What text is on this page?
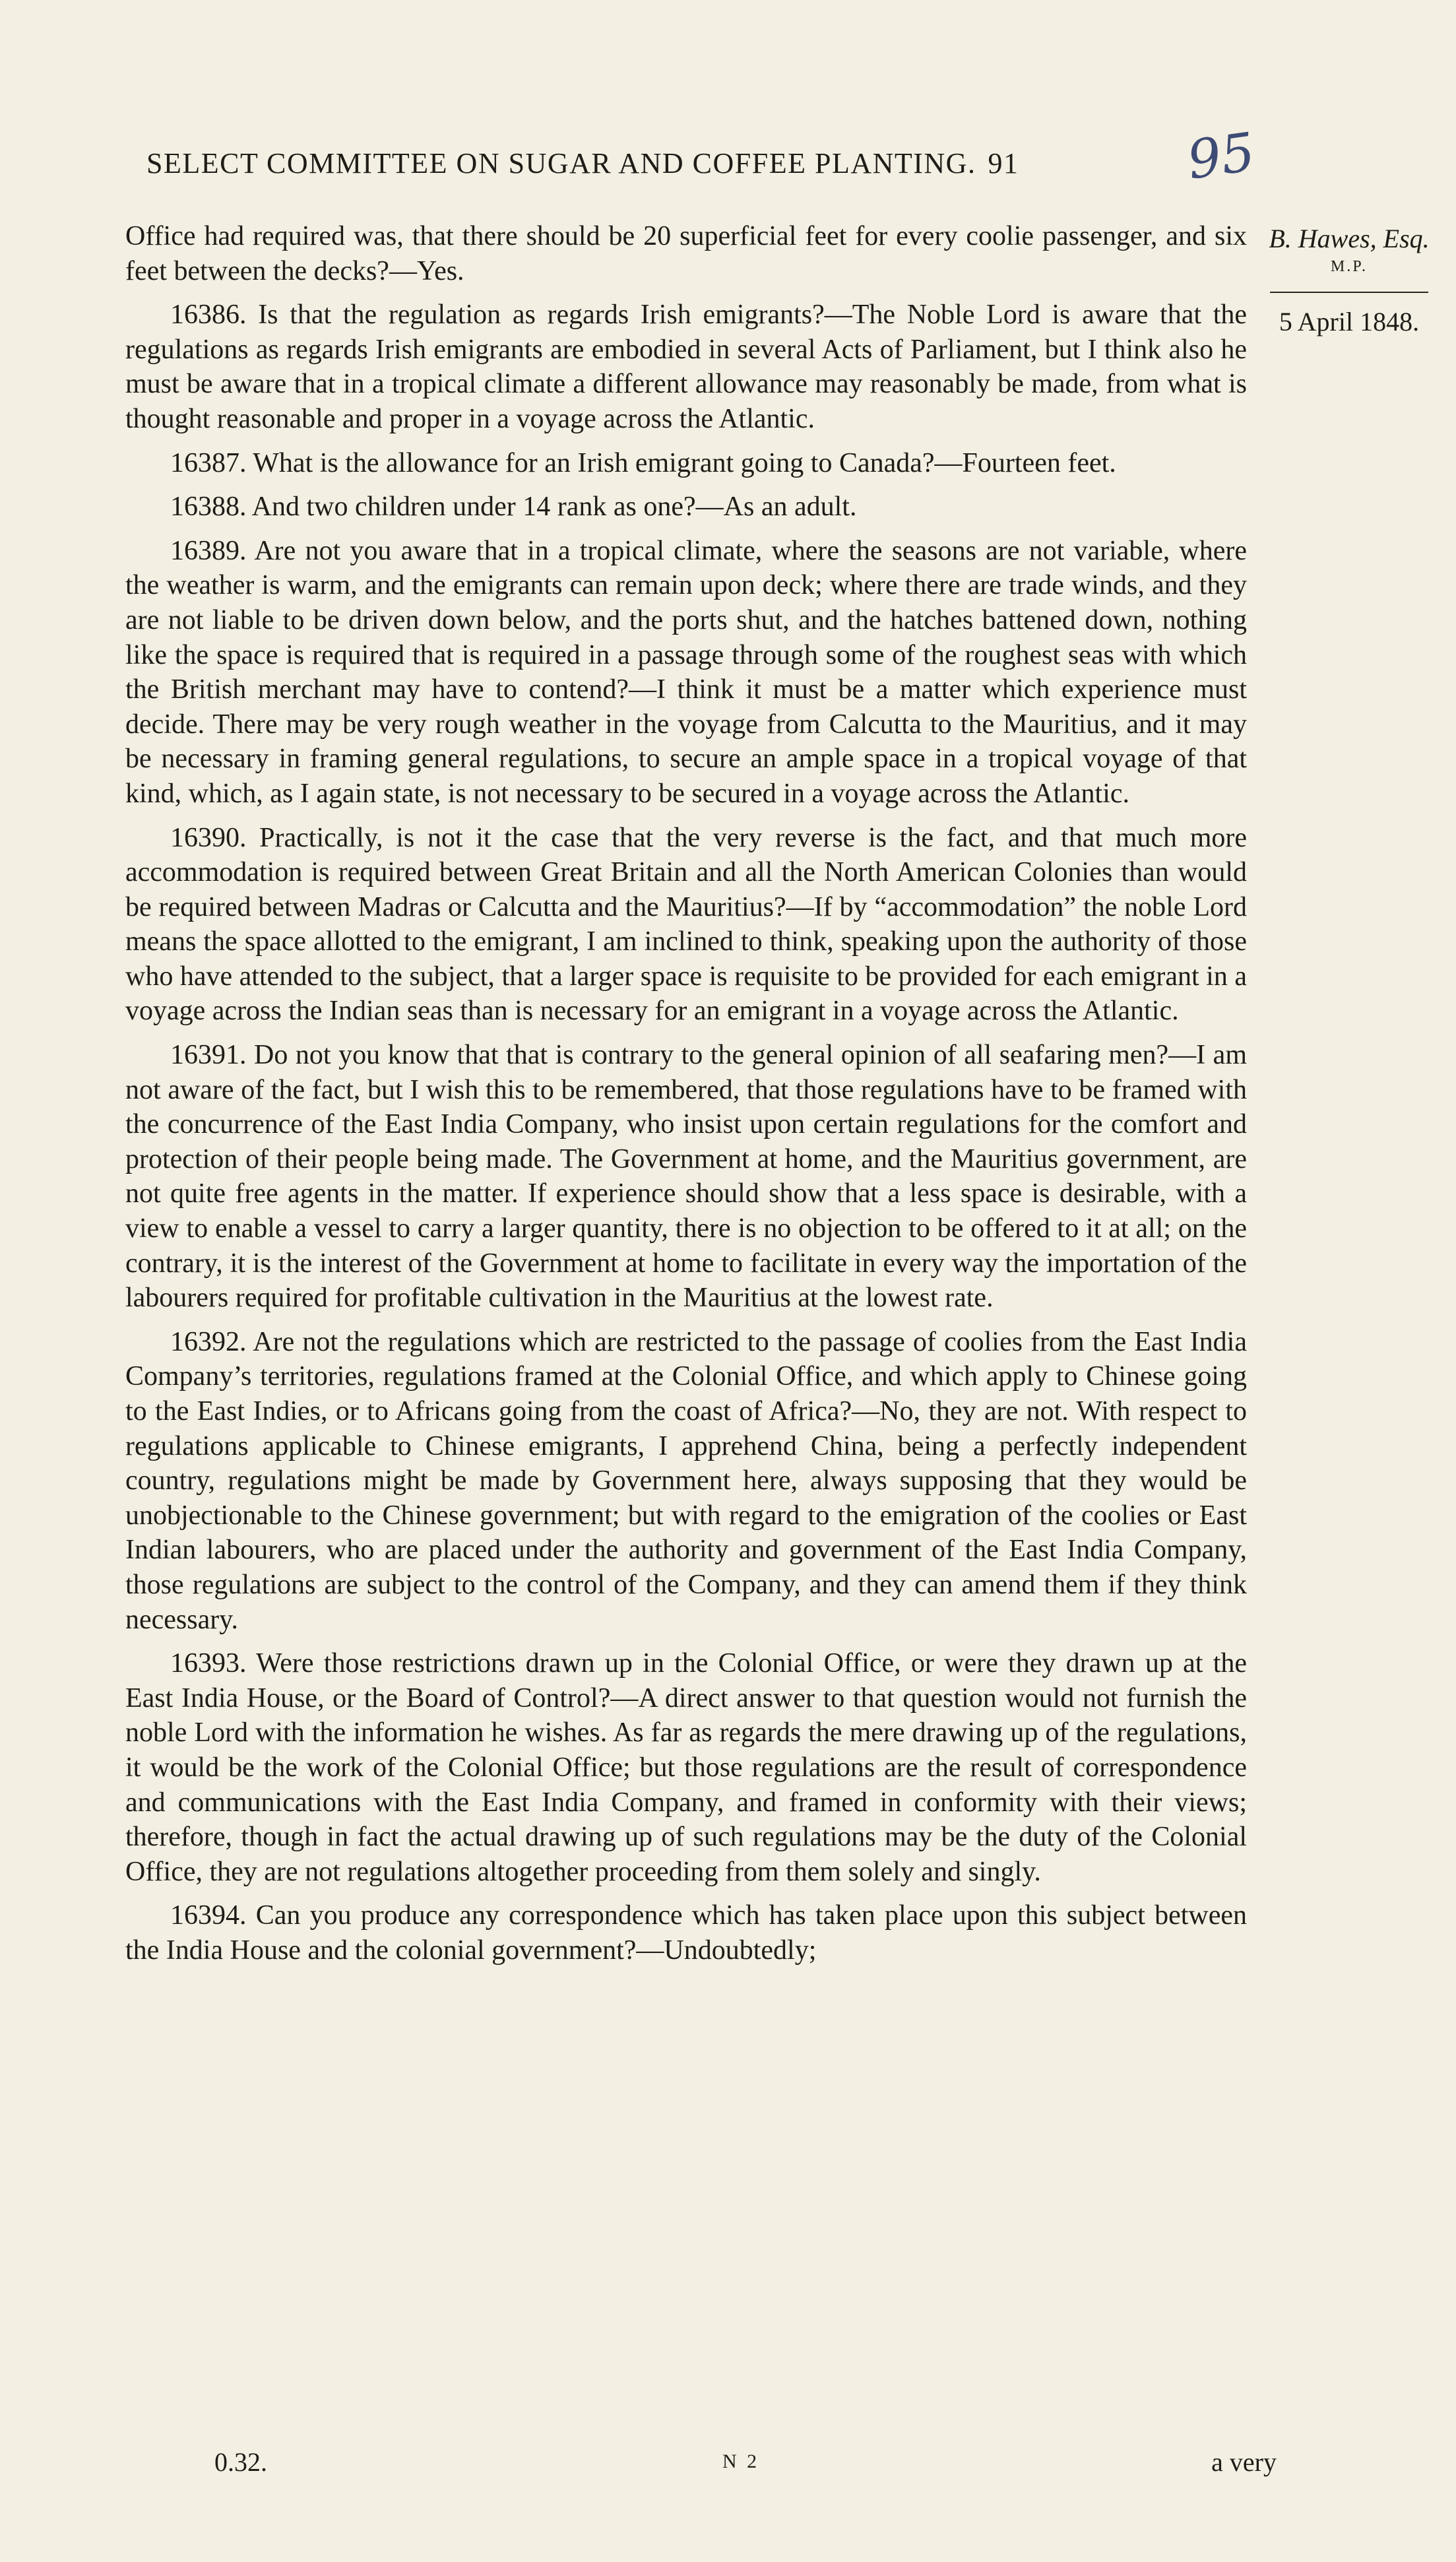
SELECT COMMITTEE ON SUGAR AND COFFEE PLANTING. 91	95
B. Hawes, Esq.
M.P.
5 April 1848.

Office had required was, that there should be 20 superficial feet for every coolie passenger, and six feet between the decks?—Yes.

16386. Is that the regulation as regards Irish emigrants?—The Noble Lord is aware that the regulations as regards Irish emigrants are embodied in several Acts of Parliament, but I think also he must be aware that in a tropical climate a different allowance may reasonably be made, from what is thought reasonable and proper in a voyage across the Atlantic.

16387. What is the allowance for an Irish emigrant going to Canada?—Fourteen feet.

16388. And two children under 14 rank as one?—As an adult.

16389. Are not you aware that in a tropical climate, where the seasons are not variable, where the weather is warm, and the emigrants can remain upon deck; where there are trade winds, and they are not liable to be driven down below, and the ports shut, and the hatches battened down, nothing like the space is required that is required in a passage through some of the roughest seas with which the British merchant may have to contend?—I think it must be a matter which experience must decide. There may be very rough weather in the voyage from Calcutta to the Mauritius, and it may be necessary in framing general regulations, to secure an ample space in a tropical voyage of that kind, which, as I again state, is not necessary to be secured in a voyage across the Atlantic.

16390. Practically, is not it the case that the very reverse is the fact, and that much more accommodation is required between Great Britain and all the North American Colonies than would be required between Madras or Calcutta and the Mauritius?—If by “accommodation” the noble Lord means the space allotted to the emigrant, I am inclined to think, speaking upon the authority of those who have attended to the subject, that a larger space is requisite to be provided for each emigrant in a voyage across the Indian seas than is necessary for an emigrant in a voyage across the Atlantic.

16391. Do not you know that that is contrary to the general opinion of all seafaring men?—I am not aware of the fact, but I wish this to be remembered, that those regulations have to be framed with the concurrence of the East India Company, who insist upon certain regulations for the comfort and protection of their people being made. The Government at home, and the Mauritius government, are not quite free agents in the matter. If experience should show that a less space is desirable, with a view to enable a vessel to carry a larger quantity, there is no objection to be offered to it at all; on the contrary, it is the interest of the Government at home to facilitate in every way the importation of the labourers required for profitable cultivation in the Mauritius at the lowest rate.

16392. Are not the regulations which are restricted to the passage of coolies from the East India Company’s territories, regulations framed at the Colonial Office, and which apply to Chinese going to the East Indies, or to Africans going from the coast of Africa?—No, they are not. With respect to regulations applicable to Chinese emigrants, I apprehend China, being a perfectly independent country, regulations might be made by Government here, always supposing that they would be unobjectionable to the Chinese government; but with regard to the emigration of the coolies or East Indian labourers, who are placed under the authority and government of the East India Company, those regulations are subject to the control of the Company, and they can amend them if they think necessary.

16393. Were those restrictions drawn up in the Colonial Office, or were they drawn up at the East India House, or the Board of Control?—A direct answer to that question would not furnish the noble Lord with the information he wishes. As far as regards the mere drawing up of the regulations, it would be the work of the Colonial Office; but those regulations are the result of correspondence and communications with the East India Company, and framed in conformity with their views; therefore, though in fact the actual drawing up of such regulations may be the duty of the Colonial Office, they are not regulations altogether proceeding from them solely and singly.

16394. Can you produce any correspondence which has taken place upon this subject between the India House and the colonial government?—Undoubtedly;

0.32.	N 2	a very
